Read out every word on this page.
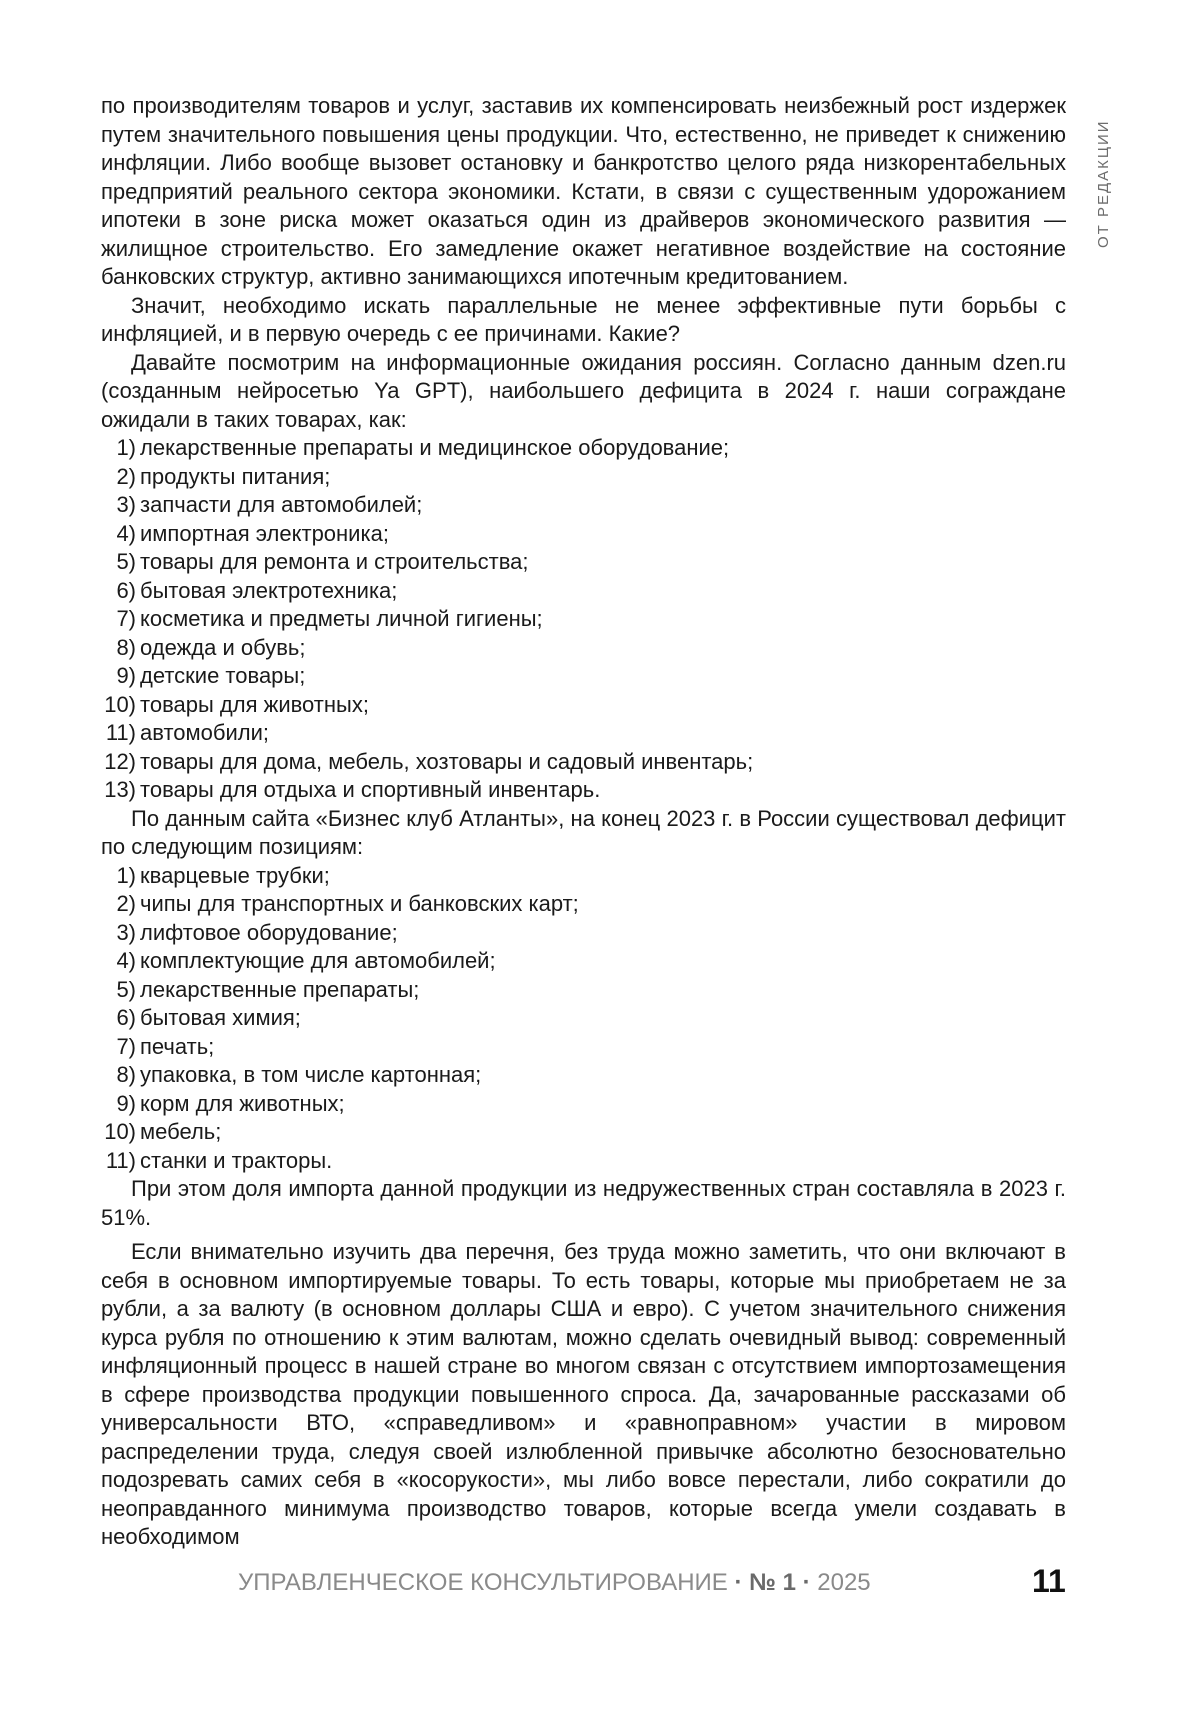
ОТ РЕДАКЦИИ

по производителям товаров и услуг, заставив их компенсировать неизбежный рост издержек путем значительного повышения цены продукции. Что, естественно, не приведет к снижению инфляции. Либо вообще вызовет остановку и банкротство целого ряда низкорентабельных предприятий реального сектора экономики. Кстати, в связи с существенным удорожанием ипотеки в зоне риска может оказаться один из драйверов экономического развития — жилищное строительство. Его замедление окажет негативное воздействие на состояние банковских структур, активно занимающихся ипотечным кредитованием.

Значит, необходимо искать параллельные не менее эффективные пути борьбы с инфляцией, и в первую очередь с ее причинами. Какие?

Давайте посмотрим на информационные ожидания россиян. Согласно данным dzen.ru (созданным нейросетью Ya GPT), наибольшего дефицита в 2024 г. наши сограждане ожидали в таких товарах, как:

1) лекарственные препараты и медицинское оборудование;
2) продукты питания;
3) запчасти для автомобилей;
4) импортная электроника;
5) товары для ремонта и строительства;
6) бытовая электротехника;
7) косметика и предметы личной гигиены;
8) одежда и обувь;
9) детские товары;
10) товары для животных;
11) автомобили;
12) товары для дома, мебель, хозтовары и садовый инвентарь;
13) товары для отдыха и спортивный инвентарь.

По данным сайта «Бизнес клуб Атланты», на конец 2023 г. в России существовал дефицит по следующим позициям:

1) кварцевые трубки;
2) чипы для транспортных и банковских карт;
3) лифтовое оборудование;
4) комплектующие для автомобилей;
5) лекарственные препараты;
6) бытовая химия;
7) печать;
8) упаковка, в том числе картонная;
9) корм для животных;
10) мебель;
11) станки и тракторы.

При этом доля импорта данной продукции из недружественных стран составляла в 2023 г. 51%.

Если внимательно изучить два перечня, без труда можно заметить, что они включают в себя в основном импортируемые товары. То есть товары, которые мы приобретаем не за рубли, а за валюту (в основном доллары США и евро). С учетом значительного снижения курса рубля по отношению к этим валютам, можно сделать очевидный вывод: современный инфляционный процесс в нашей стране во многом связан с отсутствием импортозамещения в сфере производства продукции повышенного спроса. Да, зачарованные рассказами об универсальности ВТО, «справедливом» и «равноправном» участии в мировом распределении труда, следуя своей излюбленной привычке абсолютно безосновательно подозревать самих себя в «косорукости», мы либо вовсе перестали, либо сократили до неоправданного минимума производство товаров, которые всегда умели создавать в необходимом

УПРАВЛЕНЧЕСКОЕ КОНСУЛЬТИРОВАНИЕ · № 1 · 2025	11
